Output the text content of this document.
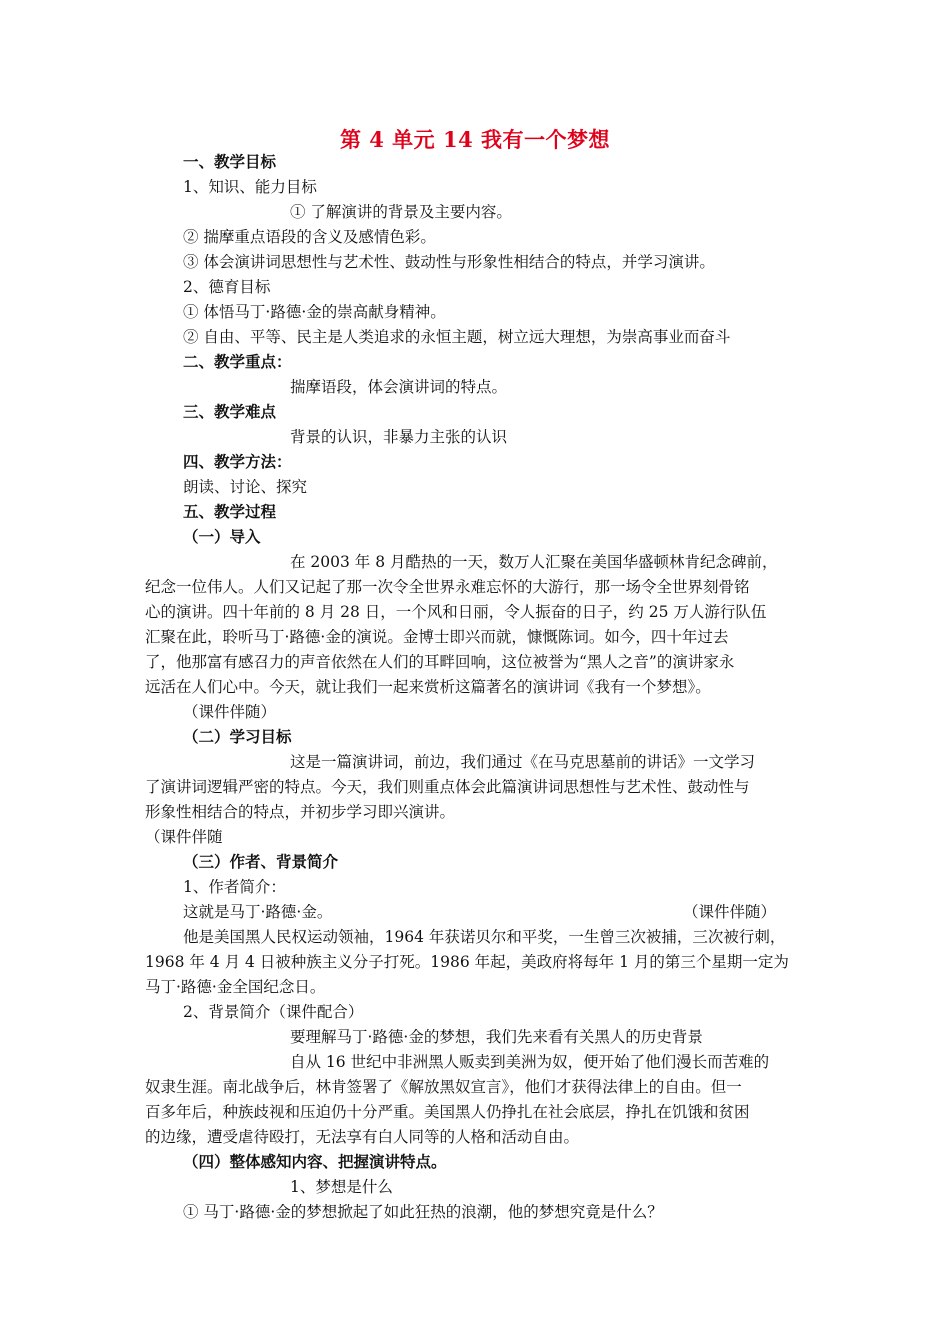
第 4 单元 14 我有一个梦想
一、教学目标
1、知识、能力目标
① 了解演讲的背景及主要内容。
② 揣摩重点语段的含义及感情色彩。
③ 体会演讲词思想性与艺术性、鼓动性与形象性相结合的特点，并学习演讲。
2、德育目标
① 体悟马丁·路德·金的崇高献身精神。
② 自由、平等、民主是人类追求的永恒主题，树立远大理想，为崇高事业而奋斗
二、教学重点：
揣摩语段，体会演讲词的特点。
三、教学难点
背景的认识，非暴力主张的认识
四、教学方法：
朗读、讨论、探究
五、教学过程
（一）导入
在 2003 年 8 月酷热的一天，数万人汇聚在美国华盛顿林肯纪念碑前，
纪念一位伟人。人们又记起了那一次令全世界永难忘怀的大游行，那一场令全世界刻骨铭
心的演讲。四十年前的 8 月 28 日，一个风和日丽，令人振奋的日子，约 25 万人游行队伍
汇聚在此，聆听马丁·路德·金的演说。金博士即兴而就，慷慨陈词。如今，四十年过去
了，他那富有感召力的声音依然在人们的耳畔回响，这位被誉为“黑人之音”的演讲家永
远活在人们心中。今天，就让我们一起来赏析这篇著名的演讲词《我有一个梦想》。
（课件伴随）
（二）学习目标
这是一篇演讲词，前边，我们通过《在马克思墓前的讲话》一文学习
了演讲词逻辑严密的特点。今天，我们则重点体会此篇演讲词思想性与艺术性、鼓动性与
形象性相结合的特点，并初步学习即兴演讲。
（课件伴随
（三）作者、背景简介
1、作者简介：
这就是马丁·路德·金。	（课件伴随）
他是美国黑人民权运动领袖，1964 年获诺贝尔和平奖，一生曾三次被捕，三次被行刺，
1968 年 4 月 4 日被种族主义分子打死。1986 年起，美政府将每年 1 月的第三个星期一定为
马丁·路德·金全国纪念日。
2、背景简介（课件配合）
要理解马丁·路德·金的梦想，我们先来看有关黑人的历史背景
自从 16 世纪中非洲黑人贩卖到美洲为奴，便开始了他们漫长而苦难的
奴隶生涯。南北战争后，林肯签署了《解放黑奴宣言》，他们才获得法律上的自由。但一
百多年后，种族歧视和压迫仍十分严重。美国黑人仍挣扎在社会底层，挣扎在饥饿和贫困
的边缘，遭受虐待殴打，无法享有白人同等的人格和活动自由。
（四）整体感知内容、把握演讲特点。
1、梦想是什么
① 马丁·路德·金的梦想掀起了如此狂热的浪潮，他的梦想究竟是什么？
